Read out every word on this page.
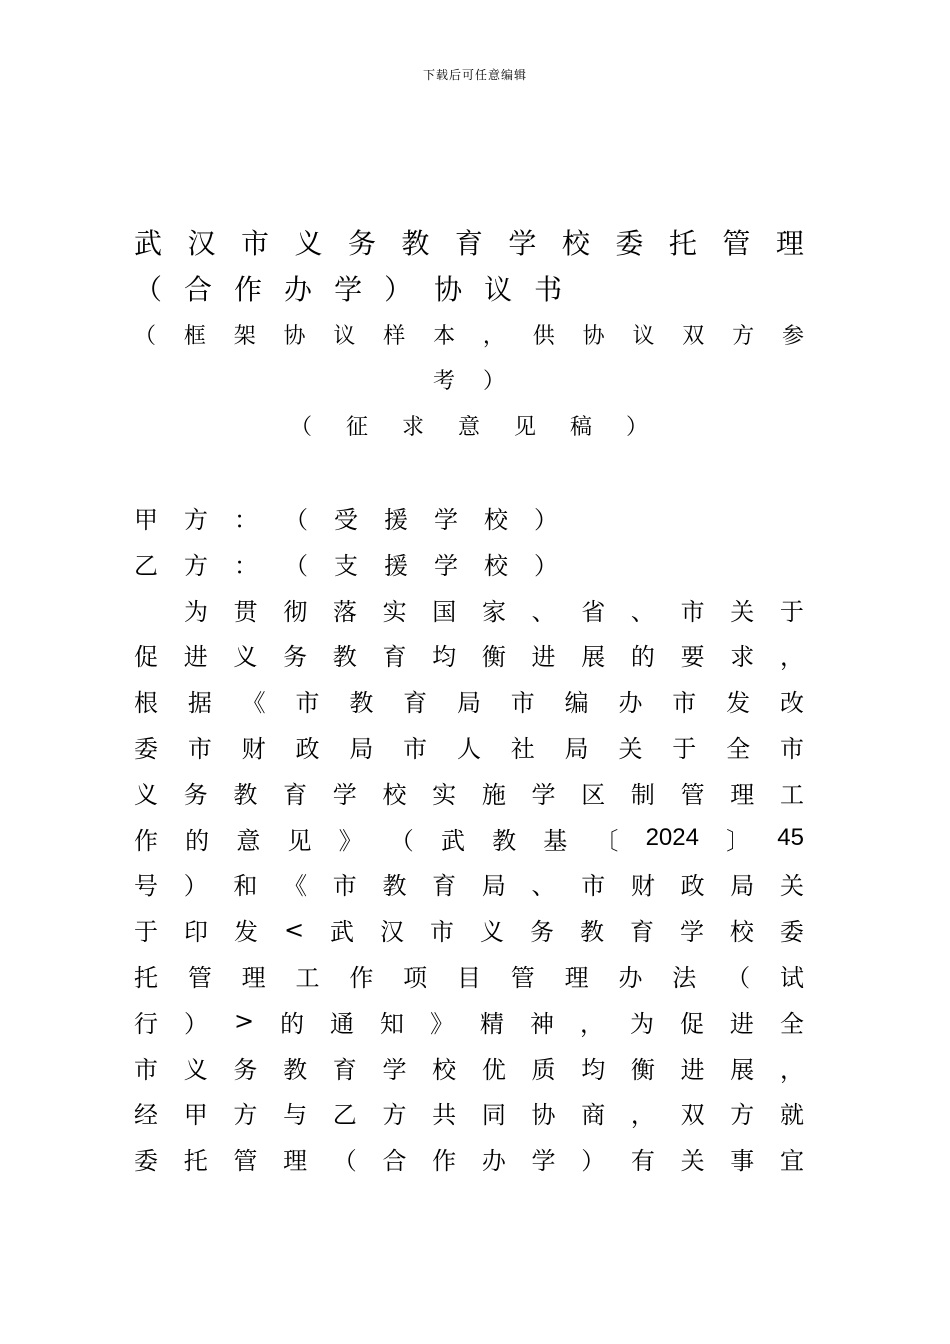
下载后可任意编辑
武 汉 市 义 务 教 育 学 校 委 托 管 理
（ 合 作 办 学 ） 协 议 书
（ 框 架 协 议 样 本 ， 供 协 议 双 方 参
考 ）
（ 征 求 意 见 稿 ）
甲	方	：	（	受	援	学	校	）
乙	方	：	（	支	援	学	校	）
为 贯 彻 落 实 国 家 、 省 、 市 关 于
促 进 义 务 教 育 均 衡 进 展 的 要 求 ，
根 据 《 市 教 育 局 市 编 办 市 发 改
委 市 财 政 局 市 人 社 局 关 于 全 市
义 务 教 育 学 校 实 施 学 区 制 管 理 工
作 的 意 见 》 （ 武 教 基 〔 2024 〕 45
号 ） 和 《 市 教 育 局 、 市 财 政 局 关
于 印 发 < 武 汉 市 义 务 教 育 学 校 委
托 管 理 工 作 项 目 管 理 办 法 （ 试
行 ） > 的 通 知 》 精 神 ， 为 促 进 全
市 义 务 教 育 学 校 优 质 均 衡 进 展 ，
经 甲 方 与 乙 方 共 同 协 商 ， 双 方 就
委 托 管 理 （ 合 作 办 学 ） 有 关 事 宜
